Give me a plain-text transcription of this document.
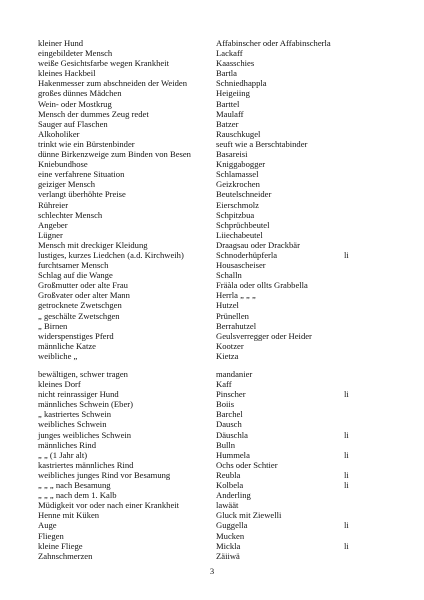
kleiner Hund	Affabinscher oder Affabinscherla
eingebildeter Mensch	Lackaff
weiße Gesichtsfarbe wegen Krankheit	Kaasschies
kleines Hackbeil	Bartla
Hakenmesser zum abschneiden der Weiden	Schniedhappla
großes dünnes Mädchen	Heigeiing
Wein- oder Mostkrug	Barttel
Mensch der dummes Zeug redet	Maulaff
Sauger auf Flaschen	Batzer
Alkoholiker	Rauschkugel
trinkt wie ein Bürstenbinder	seuft wie a Berschtabinder
dünne Birkenzweige zum Binden von Besen	Basareisi
Kniebundhose	Kniggabogger
eine verfahrene Situation	Schlamassel
geiziger Mensch	Geizkrochen
verlangt überhöhte Preise	Beutelschneider
Rühreier	Eierschmolz
schlechter Mensch	Schpitzbua
Angeber	Schprüchbeutel
Lügner	Liiechabeutel
Mensch mit dreckiger Kleidung	Draagsau oder Drackbär
lustiges, kurzes Liedchen (a.d. Kirchweih)	Schnoderhüpferla	li
furchtsamer Mensch	Housascheiser
Schlag auf die Wange	Schalln
Großmutter oder alte Frau	Fräàla oder ollts Grabbella
Großvater oder alter Mann	Herrla „ „ „
getrocknete Zwetschgen	Hutzel
„ geschälte Zwetschgen	Prünellen
„ Birnen	Berrahutzel
widerspenstiges Pferd	Geulsverregger oder Heider
männliche Katze	Kootzer
weibliche „	Kietza
bewältigen, schwer tragen	mandanier
kleines Dorf	Kaff
nicht reinrassiger Hund	Pinscher	li
männliches Schwein (Eber)	Boiis
„ kastriertes Schwein	Barchel
weibliches Schwein	Dausch
junges weibliches Schwein	Däuschla	li
männliches Rind	Bulln
„ „ (1 Jahr alt)	Hummela	li
kastriertes männliches Rind	Ochs oder Schtier
weibliches junges Rind vor Besamung	Reubla	li
„ „ „ nach Besamung	Kolbela	li
„ „ „ nach dem 1. Kalb	Anderling
Müdigkeit vor oder nach einer Krankheit	lawäät
Henne mit Küken	Gluck mit Ziewelli
Auge	Guggella	li
Fliegen	Mucken
kleine Fliege	Mickla	li
Zahnschmerzen	Zäiiwä
3
